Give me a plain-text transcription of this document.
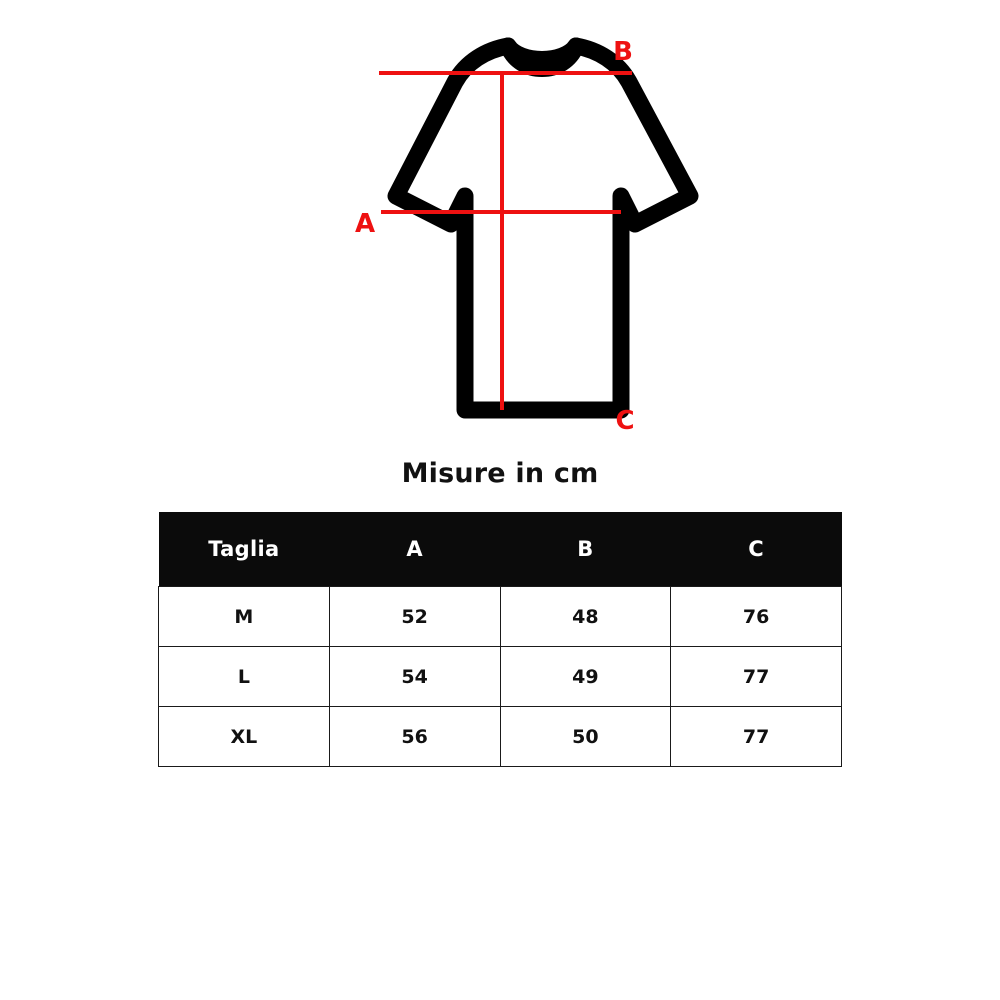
B
A
C
Misure in cm
Taglia	A	B	C
M	52	48	76
L	54	49	77
XL	56	50	77
